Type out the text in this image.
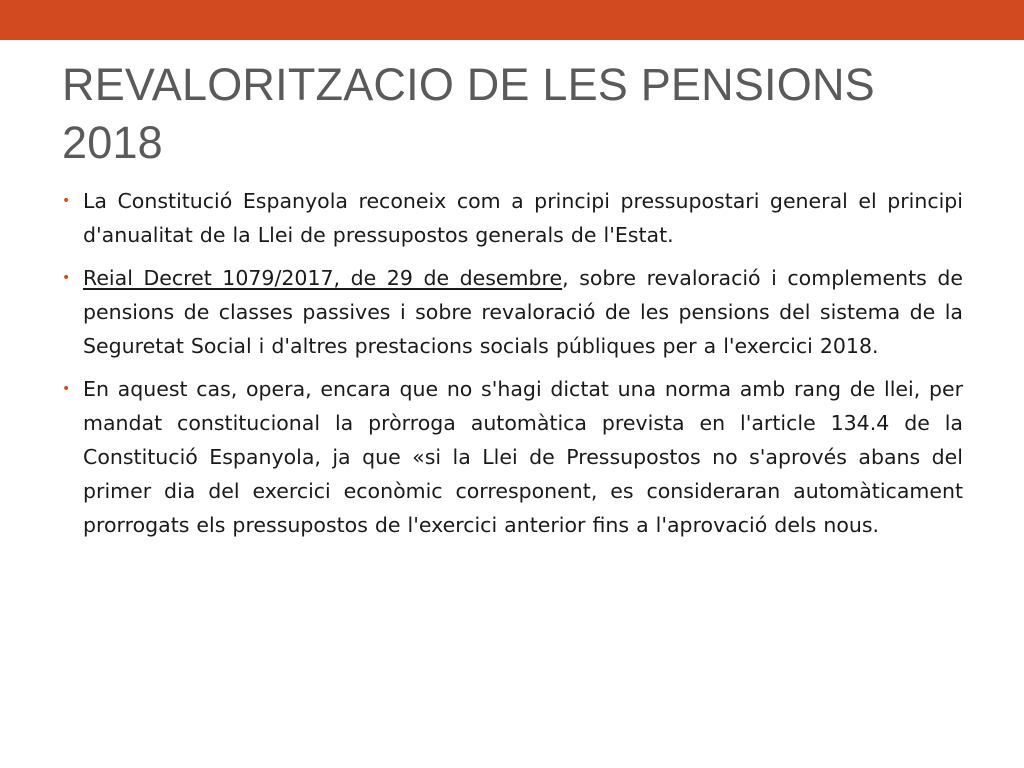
REVALORITZACIO DE LES PENSIONS 2018
• La Constitució Espanyola reconeix com a principi pressupostari general el principi d'anualitat de la Llei de pressupostos generals de l'Estat.
• Reial Decret 1079/2017, de 29 de desembre, sobre revaloració i complements de pensions de classes passives i sobre revaloració de les pensions del sistema de la Seguretat Social i d'altres prestacions socials públiques per a l'exercici 2018.
• En aquest cas, opera, encara que no s'hagi dictat una norma amb rang de llei, per mandat constitucional la pròrroga automàtica prevista en l'article 134.4 de la Constitució Espanyola, ja que «si la Llei de Pressupostos no s'aprovés abans del primer dia del exercici econòmic corresponent, es consideraran automàticament prorrogats els pressupostos de l'exercici anterior fins a l'aprovació dels nous.
